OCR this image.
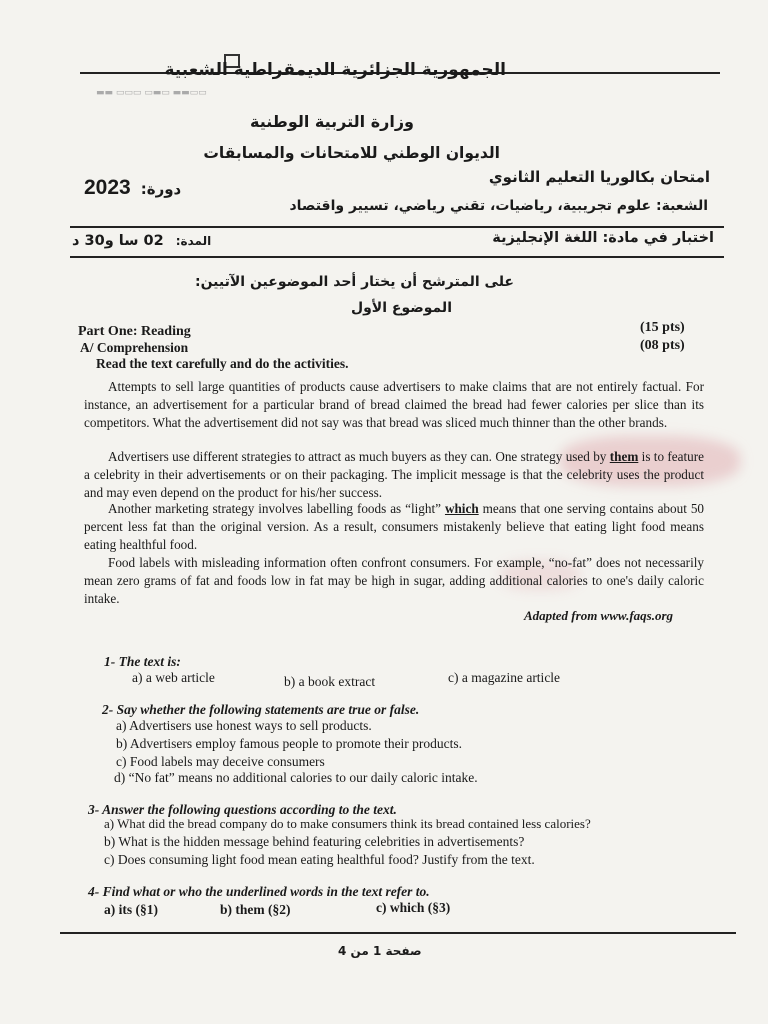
▬▬ ▭▭▭ ▭▬▭ ▬▬▭▭
الجمهورية الجزائرية الديمقراطية الشعبية
وزارة التربية الوطنية
الديوان الوطني للامتحانات والمسابقات
امتحان بكالوريا التعليم الثانوي
2023 دورة:
الشعبة: علوم تجريبية، رياضيات، تقني رياضي، تسيير واقتصاد
اختبار في مادة: اللغة الإنجليزية
02 سا و30 د المدة:
على المترشح أن يختار أحد الموضوعين الآتيين:
الموضوع الأول
Part One: Reading	(15 pts)
A/ Comprehension	(08 pts)
Read the text carefully and do the activities.
Attempts to sell large quantities of products cause advertisers to make claims that are not entirely factual. For instance, an advertisement for a particular brand of bread claimed the bread had fewer calories per slice than its competitors. What the advertisement did not say was that bread was sliced much thinner than the other brands.
Advertisers use different strategies to attract as much buyers as they can. One strategy used by them is to feature a celebrity in their advertisements or on their packaging. The implicit message is that the celebrity uses the product and may even depend on the product for his/her success.
Another marketing strategy involves labelling foods as “light” which means that one serving contains about 50 percent less fat than the original version. As a result, consumers mistakenly believe that eating light food means eating healthful food.
Food labels with misleading information often confront consumers. For example, “no-fat” does not necessarily mean zero grams of fat and foods low in fat may be high in sugar, adding additional calories to one's daily caloric intake.
Adapted from www.faqs.org
1- The text is:
a) a web article	b) a book extract	c) a magazine article
2- Say whether the following statements are true or false.
a) Advertisers use honest ways to sell products.
b) Advertisers employ famous people to promote their products.
c) Food labels may deceive consumers
d) “No fat” means no additional calories to our daily caloric intake.
3- Answer the following questions according to the text.
a) What did the bread company do to make consumers think its bread contained less calories?
b) What is the hidden message behind featuring celebrities in advertisements?
c) Does consuming light food mean eating healthful food? Justify from the text.
4- Find what or who the underlined words in the text refer to.
a) its (§1)	b) them (§2)	c) which (§3)
صفحة 1 من 4
